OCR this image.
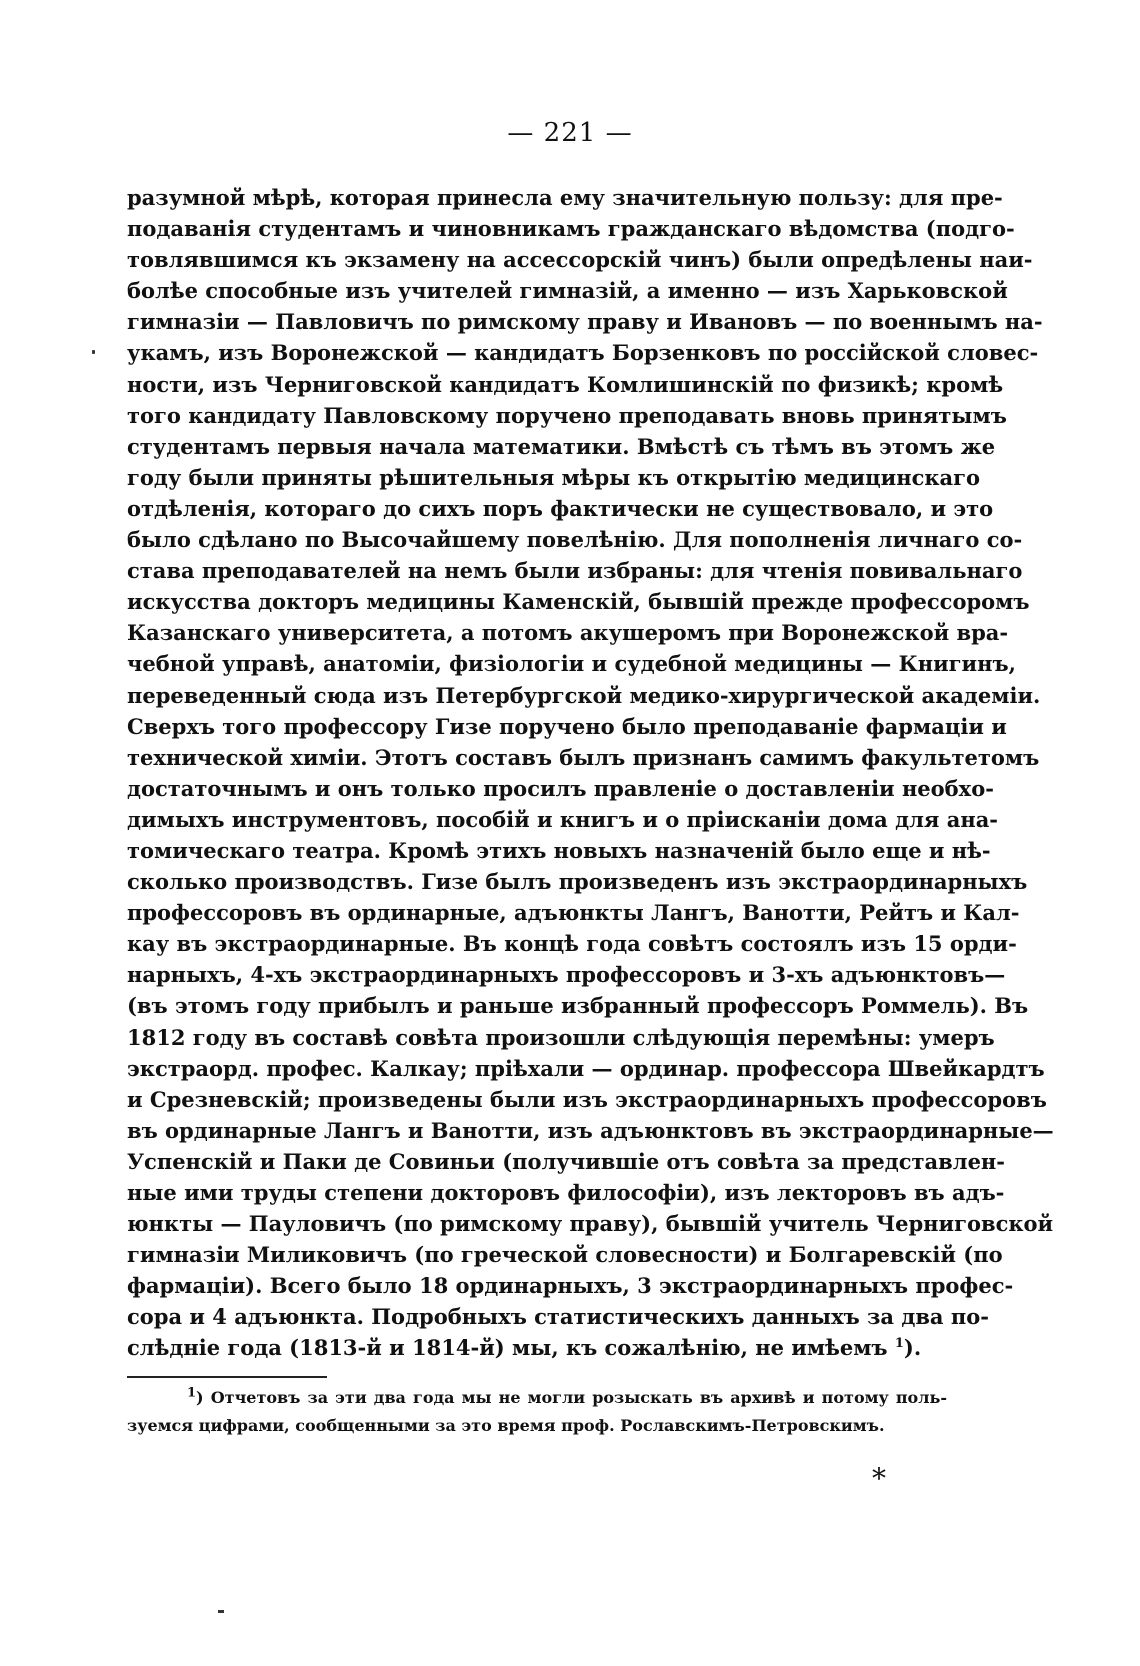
— 221 —
разумной мѣрѣ, которая принесла ему значительную пользу: для пре-
подаванія студентамъ и чиновникамъ гражданскаго вѣдомства (подго-
товлявшимся къ экзамену на ассессорскій чинъ) были опредѣлены наи-
болѣе способные изъ учителей гимназій, а именно — изъ Харьковской
гимназіи — Павловичъ по римскому праву и Ивановъ — по военнымъ на-
укамъ, изъ Воронежской — кандидатъ Борзенковъ по россійской словес-
ности, изъ Черниговской кандидатъ Комлишинскій по физикѣ; кромѣ
того кандидату Павловскому поручено преподавать вновь принятымъ
студентамъ первыя начала математики. Вмѣстѣ съ тѣмъ въ этомъ же
году были приняты рѣшительныя мѣры къ открытію медицинскаго
отдѣленія, котораго до сихъ поръ фактически не существовало, и это
было сдѣлано по Высочайшему повелѣнію. Для пополненія личнаго со-
става преподавателей на немъ были избраны: для чтенія повивальнаго
искусства докторъ медицины Каменскій, бывшій прежде профессоромъ
Казанскаго университета, а потомъ акушеромъ при Воронежской вра-
чебной управѣ, анатоміи, физіологіи и судебной медицины — Книгинъ,
переведенный сюда изъ Петербургской медико-хирургической академіи.
Сверхъ того профессору Гизе поручено было преподаваніе фармаціи и
технической химіи. Этотъ составъ былъ признанъ самимъ факультетомъ
достаточнымъ и онъ только просилъ правленіе о доставленіи необхо-
димыхъ инструментовъ, пособій и книгъ и о прiисканіи дома для ана-
томическаго театра. Кромѣ этихъ новыхъ назначеній было еще и нѣ-
сколько производствъ. Гизе былъ произведенъ изъ экстраординарныхъ
профессоровъ въ ординарные, адъюнкты Лангъ, Ванотти, Рейтъ и Кал-
кау въ экстраординарные. Въ концѣ года совѣтъ состоялъ изъ 15 орди-
нарныхъ, 4-хъ экстраординарныхъ профессоровъ и 3-хъ адъюнктовъ—
(въ этомъ году прибылъ и раньше избранный профессоръ Роммель). Въ
1812 году въ составѣ совѣта произошли слѣдующія перемѣны: умеръ
экстраорд. профес. Калкау; пріѣхали — ординар. профессора Швейкардтъ
и Срезневскій; произведены были изъ экстраординарныхъ профессоровъ
въ ординарные Лангъ и Ванотти, изъ адъюнктовъ въ экстраординарные—
Успенскій и Паки де Совиньи (получившіе отъ совѣта за представлен-
ные ими труды степени докторовъ философіи), изъ лекторовъ въ адъ-
юнкты — Пауловичъ (по римскому праву), бывшій учитель Черниговской
гимназіи Миликовичъ (по греческой словесности) и Болгаревскій (по
фармаціи). Всего было 18 ординарныхъ, 3 экстраординарныхъ профес-
сора и 4 адъюнкта. Подробныхъ статистическихъ данныхъ за два по-
слѣдніе года (1813-й и 1814-й) мы, къ сожалѣнію, не имѣемъ $^1$).
$^1$) Отчетовъ за эти два года мы не могли розыскать въ архивѣ и потому поль-
зуемся цифрами, сообщенными за это время проф. Рославскимъ-Петровскимъ.
*
